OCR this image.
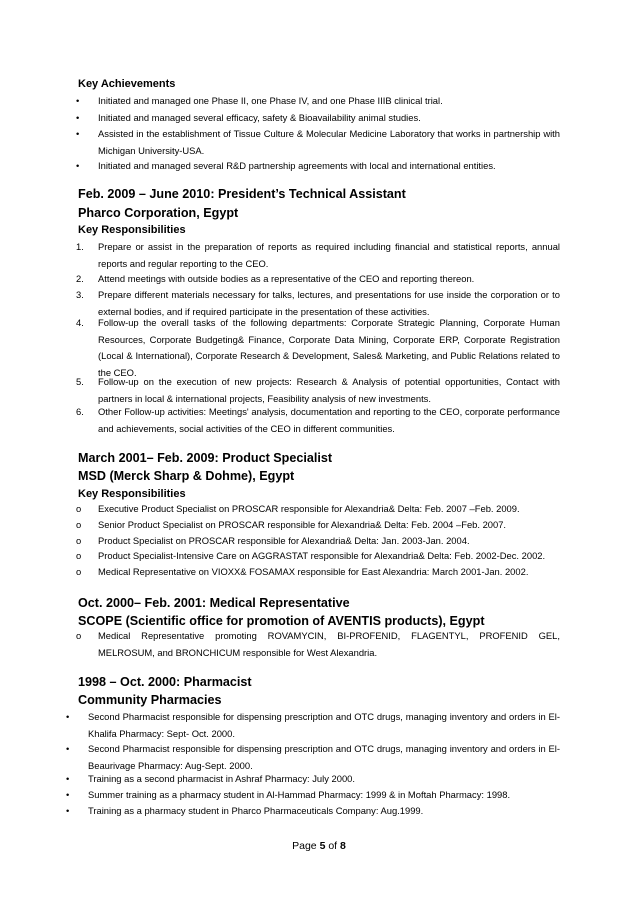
Key Achievements
•	Initiated and managed one Phase II, one Phase IV, and one Phase IIIB clinical trial.
•	Initiated and managed several efficacy, safety & Bioavailability animal studies.
•	Assisted in the establishment of Tissue Culture & Molecular Medicine Laboratory that works in partnership with Michigan University-USA.
•	Initiated and managed several R&D partnership agreements with local and international entities.
Feb. 2009 – June 2010: President’s Technical Assistant
Pharco Corporation, Egypt
Key Responsibilities
1.	Prepare or assist in the preparation of reports as required including financial and statistical reports, annual reports and regular reporting to the CEO.
2.	Attend meetings with outside bodies as a representative of the CEO and reporting thereon.
3.	Prepare different materials necessary for talks, lectures, and presentations for use inside the corporation or to external bodies, and if required participate in the presentation of these activities.
4.	Follow-up the overall tasks of the following departments: Corporate Strategic Planning, Corporate Human Resources, Corporate Budgeting& Finance, Corporate Data Mining, Corporate ERP, Corporate Registration (Local & International), Corporate Research & Development, Sales& Marketing, and Public Relations related to the CEO.
5.	Follow-up on the execution of new projects: Research & Analysis of potential opportunities, Contact with partners in local & international projects, Feasibility analysis of new investments.
6.	Other Follow-up activities: Meetings' analysis, documentation and reporting to the CEO, corporate performance and achievements, social activities of the CEO in different communities.
March 2001– Feb. 2009: Product Specialist
MSD (Merck Sharp & Dohme), Egypt
Key Responsibilities
o	Executive Product Specialist on PROSCAR responsible for Alexandria& Delta: Feb. 2007 –Feb. 2009.
o	Senior Product Specialist on PROSCAR responsible for Alexandria& Delta: Feb. 2004 –Feb. 2007.
o	Product Specialist on PROSCAR responsible for Alexandria& Delta: Jan. 2003-Jan. 2004.
o	Product Specialist-Intensive Care on AGGRASTAT responsible for Alexandria& Delta: Feb. 2002-Dec. 2002.
o	Medical Representative on VIOXX& FOSAMAX responsible for East Alexandria: March 2001-Jan. 2002.
Oct. 2000– Feb. 2001: Medical Representative
SCOPE (Scientific office for promotion of AVENTIS products), Egypt
o	Medical Representative promoting ROVAMYCIN, BI-PROFENID, FLAGENTYL, PROFENID GEL, MELROSUM, and BRONCHICUM responsible for West Alexandria.
1998 – Oct. 2000: Pharmacist
Community Pharmacies
•	Second Pharmacist responsible for dispensing prescription and OTC drugs, managing inventory and orders in El-Khalifa Pharmacy: Sept- Oct. 2000.
•	Second Pharmacist responsible for dispensing prescription and OTC drugs, managing inventory and orders in El-Beaurivage Pharmacy: Aug-Sept. 2000.
•	Training as a second pharmacist in Ashraf Pharmacy: July 2000.
•	Summer training as a pharmacy student in Al-Hammad Pharmacy: 1999 & in Moftah Pharmacy: 1998.
•	Training as a pharmacy student in Pharco Pharmaceuticals Company: Aug.1999.
Page 5 of 8
